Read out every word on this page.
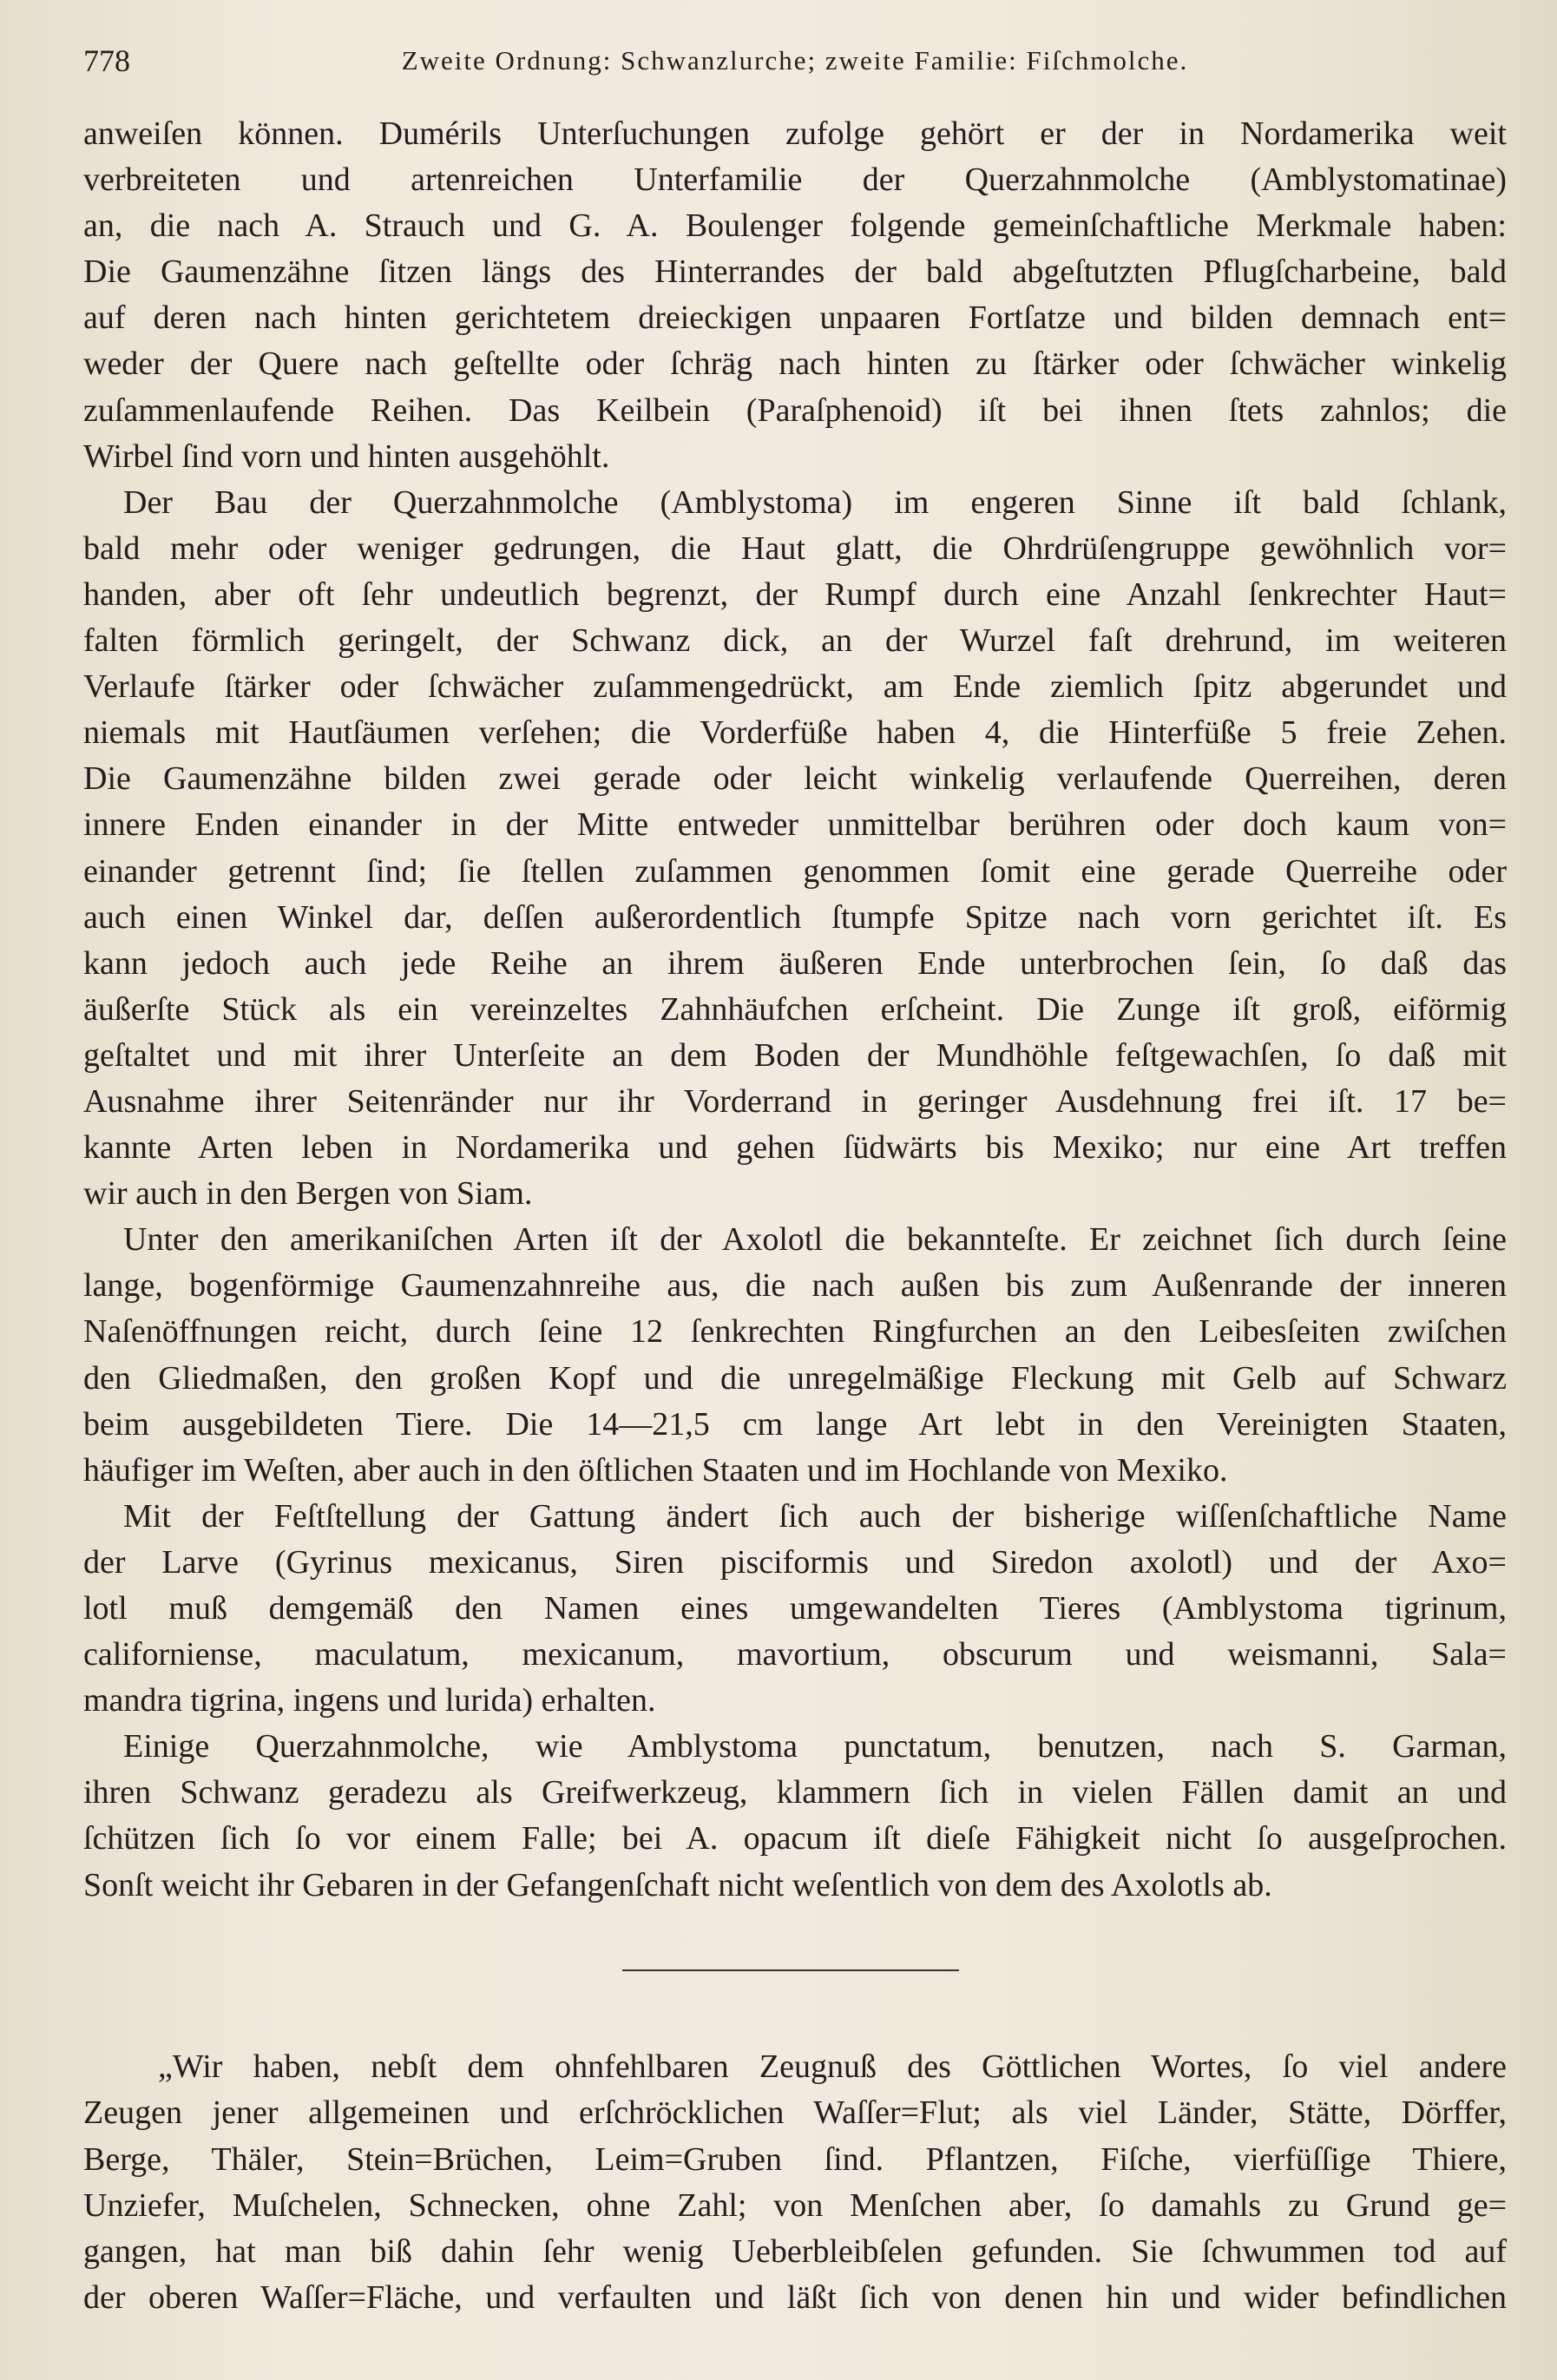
778	Zweite Ordnung: Schwanzlurche; zweite Familie: Fiſchmolche.
anweiſen können. Dumérils Unterſuchungen zufolge gehört er der in Nordamerika weit
verbreiteten und artenreichen Unterfamilie der Querzahnmolche (Amblystomatinae)
an, die nach A. Strauch und G. A. Boulenger folgende gemeinſchaftliche Merkmale haben:
Die Gaumenzähne ſitzen längs des Hinterrandes der bald abgeſtutzten Pflugſcharbeine, bald
auf deren nach hinten gerichtetem dreieckigen unpaaren Fortſatze und bilden demnach ent=
weder der Quere nach geſtellte oder ſchräg nach hinten zu ſtärker oder ſchwächer winkelig
zuſammenlaufende Reihen. Das Keilbein (Paraſphenoid) iſt bei ihnen ſtets zahnlos; die
Wirbel ſind vorn und hinten ausgehöhlt.
Der Bau der Querzahnmolche (Amblystoma) im engeren Sinne iſt bald ſchlank,
bald mehr oder weniger gedrungen, die Haut glatt, die Ohrdrüſengruppe gewöhnlich vor=
handen, aber oft ſehr undeutlich begrenzt, der Rumpf durch eine Anzahl ſenkrechter Haut=
falten förmlich geringelt, der Schwanz dick, an der Wurzel faſt drehrund, im weiteren
Verlaufe ſtärker oder ſchwächer zuſammengedrückt, am Ende ziemlich ſpitz abgerundet und
niemals mit Hautſäumen verſehen; die Vorderfüße haben 4, die Hinterfüße 5 freie Zehen.
Die Gaumenzähne bilden zwei gerade oder leicht winkelig verlaufende Querreihen, deren
innere Enden einander in der Mitte entweder unmittelbar berühren oder doch kaum von=
einander getrennt ſind; ſie ſtellen zuſammen genommen ſomit eine gerade Querreihe oder
auch einen Winkel dar, deſſen außerordentlich ſtumpfe Spitze nach vorn gerichtet iſt. Es
kann jedoch auch jede Reihe an ihrem äußeren Ende unterbrochen ſein, ſo daß das
äußerſte Stück als ein vereinzeltes Zahnhäufchen erſcheint. Die Zunge iſt groß, eiförmig
geſtaltet und mit ihrer Unterſeite an dem Boden der Mundhöhle feſtgewachſen, ſo daß mit
Ausnahme ihrer Seitenränder nur ihr Vorderrand in geringer Ausdehnung frei iſt. 17 be=
kannte Arten leben in Nordamerika und gehen ſüdwärts bis Mexiko; nur eine Art treffen
wir auch in den Bergen von Siam.
Unter den amerikaniſchen Arten iſt der Axolotl die bekannteſte. Er zeichnet ſich durch ſeine
lange, bogenförmige Gaumenzahnreihe aus, die nach außen bis zum Außenrande der inneren
Naſenöffnungen reicht, durch ſeine 12 ſenkrechten Ringfurchen an den Leibesſeiten zwiſchen
den Gliedmaßen, den großen Kopf und die unregelmäßige Fleckung mit Gelb auf Schwarz
beim ausgebildeten Tiere. Die 14—21,5 cm lange Art lebt in den Vereinigten Staaten,
häufiger im Weſten, aber auch in den öſtlichen Staaten und im Hochlande von Mexiko.
Mit der Feſtſtellung der Gattung ändert ſich auch der bisherige wiſſenſchaftliche Name
der Larve (Gyrinus mexicanus, Siren pisciformis und Siredon axolotl) und der Axo=
lotl muß demgemäß den Namen eines umgewandelten Tieres (Amblystoma tigrinum,
californiense, maculatum, mexicanum, mavortium, obscurum und weismanni, Sala=
mandra tigrina, ingens und lurida) erhalten.
Einige Querzahnmolche, wie Amblystoma punctatum, benutzen, nach S. Garman,
ihren Schwanz geradezu als Greifwerkzeug, klammern ſich in vielen Fällen damit an und
ſchützen ſich ſo vor einem Falle; bei A. opacum iſt dieſe Fähigkeit nicht ſo ausgeſprochen.
Sonſt weicht ihr Gebaren in der Gefangenſchaft nicht weſentlich von dem des Axolotls ab.
„Wir haben, nebſt dem ohnfehlbaren Zeugnuß des Göttlichen Wortes, ſo viel andere
Zeugen jener allgemeinen und erſchröcklichen Waſſer=Flut; als viel Länder, Stätte, Dörffer,
Berge, Thäler, Stein=Brüchen, Leim=Gruben ſind. Pflantzen, Fiſche, vierfüſſige Thiere,
Unziefer, Muſchelen, Schnecken, ohne Zahl; von Menſchen aber, ſo damahls zu Grund ge=
gangen, hat man biß dahin ſehr wenig Ueberbleibſelen gefunden. Sie ſchwummen tod auf
der oberen Waſſer=Fläche, und verfaulten und läßt ſich von denen hin und wider befindlichen
